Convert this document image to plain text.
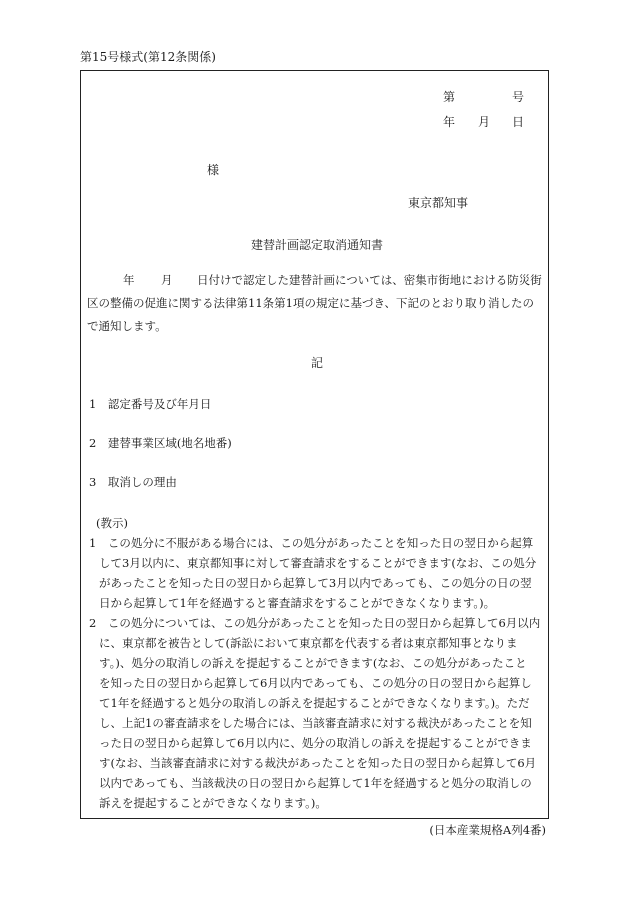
第15号様式(第12条関係)
第	号
年 月 日
様
東京都知事
建替計画認定取消通知書
年 月 日付けで認定した建替計画については、密集市街地における防災街
区の整備の促進に関する法律第11条第1項の規定に基づき、下記のとおり取り消したの
で通知します。
記
1　認定番号及び年月日
2　建替事業区域(地名地番)
3　取消しの理由
(教示)
1　この処分に不服がある場合には、この処分があったことを知った日の翌日から起算
して3月以内に、東京都知事に対して審査請求をすることができます(なお、この処分
があったことを知った日の翌日から起算して3月以内であっても、この処分の日の翌
日から起算して1年を経過すると審査請求をすることができなくなります。)。
2　この処分については、この処分があったことを知った日の翌日から起算して6月以内
に、東京都を被告として(訴訟において東京都を代表する者は東京都知事となりま
す。)、処分の取消しの訴えを提起することができます(なお、この処分があったこと
を知った日の翌日から起算して6月以内であっても、この処分の日の翌日から起算し
て1年を経過すると処分の取消しの訴えを提起することができなくなります。)。ただ
し、上記1の審査請求をした場合には、当該審査請求に対する裁決があったことを知
った日の翌日から起算して6月以内に、処分の取消しの訴えを提起することができま
す(なお、当該審査請求に対する裁決があったことを知った日の翌日から起算して6月
以内であっても、当該裁決の日の翌日から起算して1年を経過すると処分の取消しの
訴えを提起することができなくなります。)。
(日本産業規格A列4番)
